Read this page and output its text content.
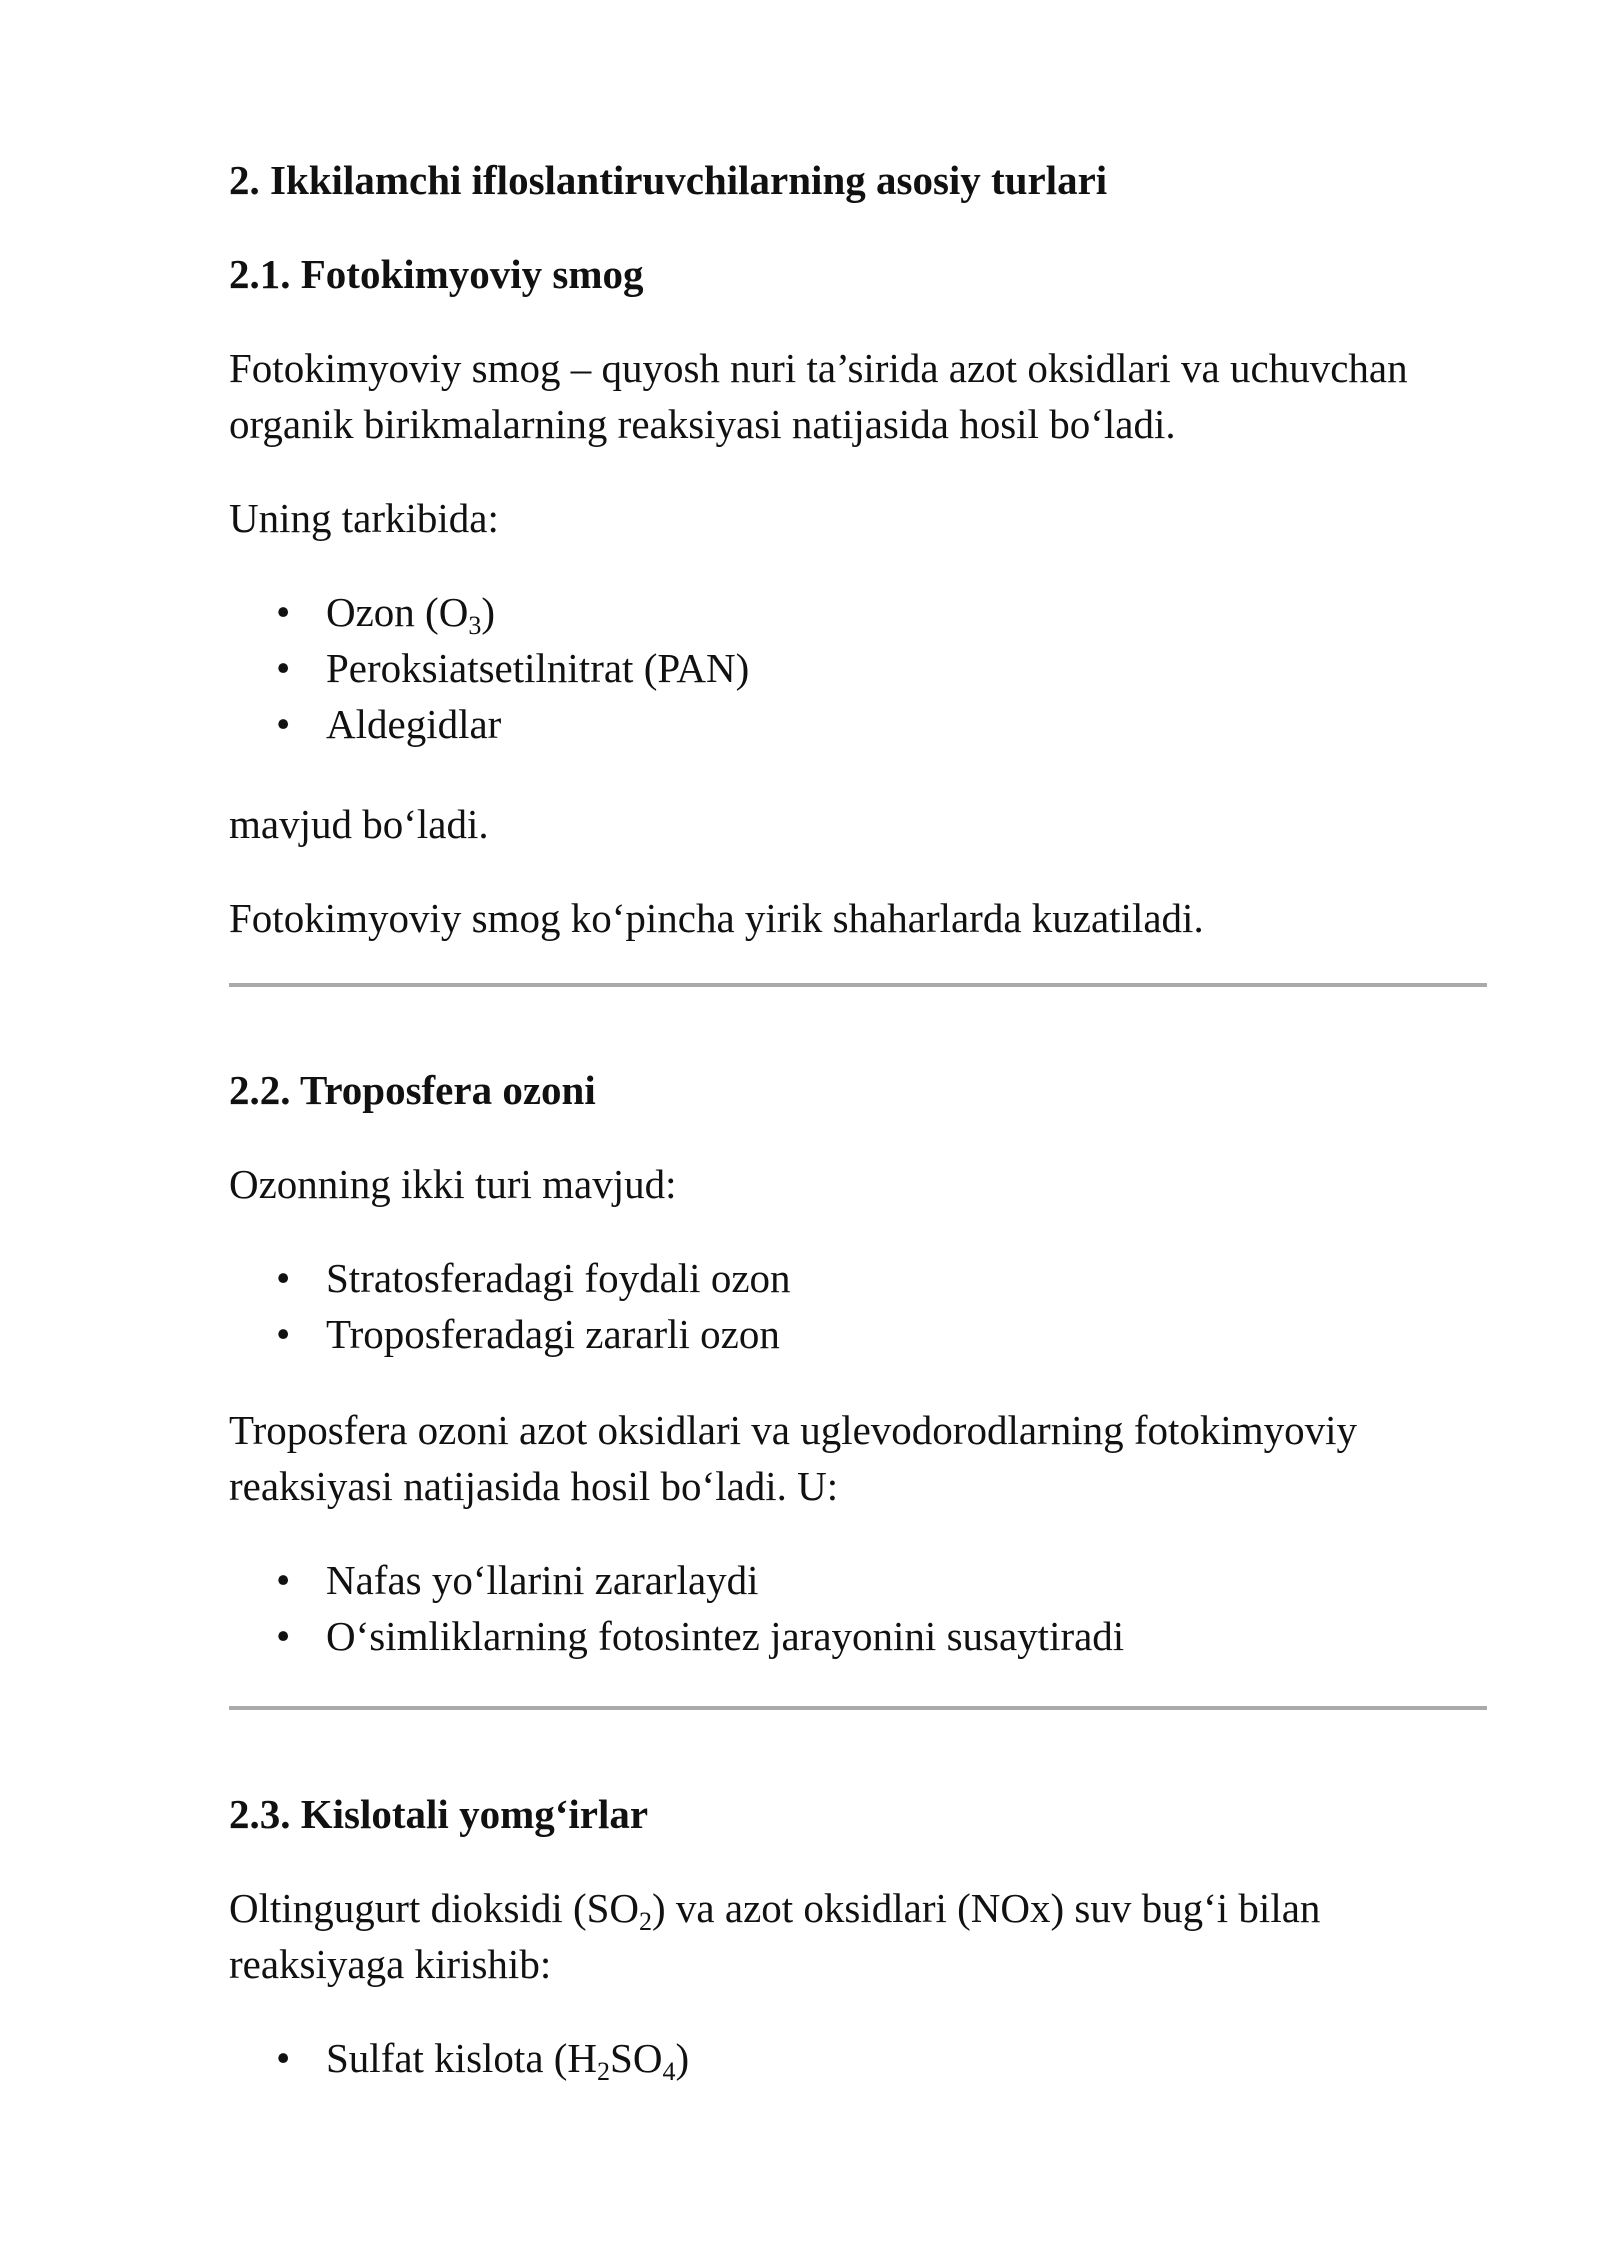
2. Ikkilamchi ifloslantiruvchilarning asosiy turlari

2.1. Fotokimyoviy smog

Fotokimyoviy smog – quyosh nuri ta’sirida azot oksidlari va uchuvchan

organik birikmalarning reaksiyasi natijasida hosil bo‘ladi.

Uning tarkibida:

• Ozon $(O_3)$
• Peroksiatsetilnitrat (PAN)
• Aldegidlar

mavjud bo‘ladi.

Fotokimyoviy smog ko‘pincha yirik shaharlarda kuzatiladi.

2.2. Troposfera ozoni

Ozonning ikki turi mavjud:

• Stratosferadagi foydali ozon
• Troposferadagi zararli ozon

Troposfera ozoni azot oksidlari va uglevodorodlarning fotokimyoviy

reaksiyasi natijasida hosil bo‘ladi. U:

• Nafas yo‘llarini zararlaydi
• O‘simliklarning fotosintez jarayonini susaytiradi

2.3. Kislotali yomg‘irlar

Oltingugurt dioksidi $(SO_2)$ va azot oksidlari (NOx) suv bug‘i bilan

reaksiyaga kirishib:

• Sulfat kislota $(H_2SO_4)$
